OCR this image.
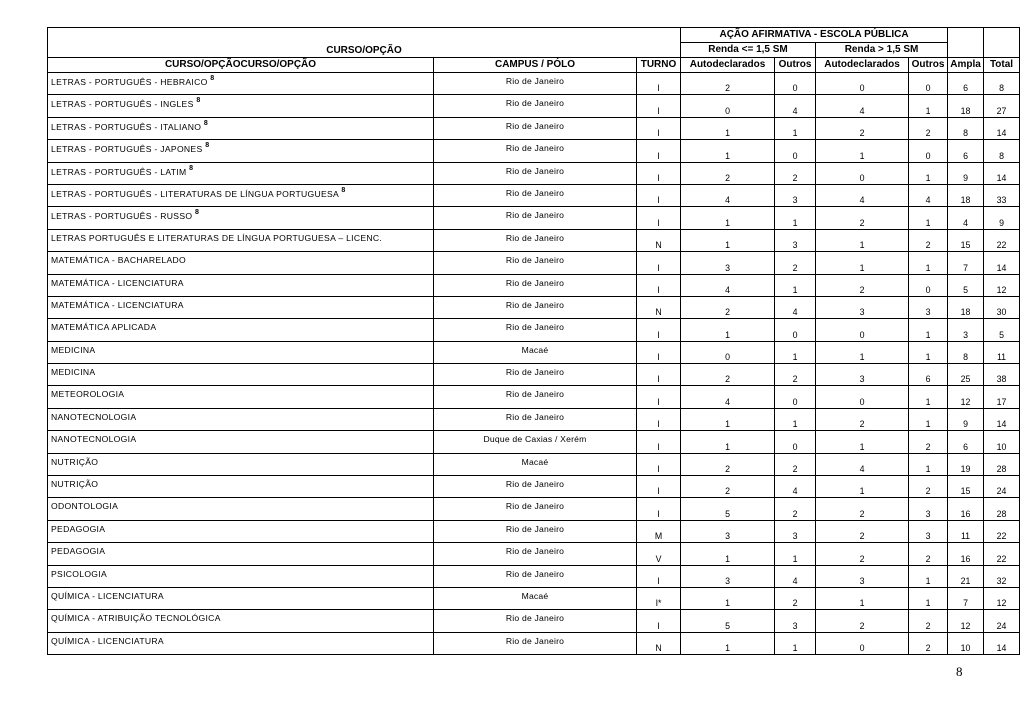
CURSO/OPÇÃO			AÇÃO AFIRMATIVA - ESCOLA PÚBLICA					
			Renda <= 1,5 SM		Renda > 1,5 SM			
CURSO/OPÇÃOCURSO/OPÇÃO	CAMPUS / PÓLO	TURNO	Autodeclarados	Outros	Autodeclarados	Outros	Ampla	Total
LETRAS - PORTUGUÊS - HEBRAICO $^8$	Rio de Janeiro	I	2	0	0	0	6	8
LETRAS - PORTUGUÊS - INGLES $^8$	Rio de Janeiro	I	0	4	4	1	18	27
LETRAS - PORTUGUÊS - ITALIANO $^8$	Rio de Janeiro	I	1	1	2	2	8	14
LETRAS - PORTUGUÊS - JAPONES $^8$	Rio de Janeiro	I	1	0	1	0	6	8
LETRAS - PORTUGUÊS - LATIM $^8$	Rio de Janeiro	I	2	2	0	1	9	14
LETRAS - PORTUGUÊS - LITERATURAS DE LÍNGUA PORTUGUESA $^8$	Rio de Janeiro	I	4	3	4	4	18	33
LETRAS - PORTUGUÊS - RUSSO $^8$	Rio de Janeiro	I	1	1	2	1	4	9
LETRAS PORTUGUÊS E LITERATURAS DE LÍNGUA PORTUGUESA – LICENC.	Rio de Janeiro	N	1	3	1	2	15	22
MATEMÁTICA - BACHARELADO	Rio de Janeiro	I	3	2	1	1	7	14
MATEMÁTICA - LICENCIATURA	Rio de Janeiro	I	4	1	2	0	5	12
MATEMÁTICA - LICENCIATURA	Rio de Janeiro	N	2	4	3	3	18	30
MATEMÁTICA APLICADA	Rio de Janeiro	I	1	0	0	1	3	5
MEDICINA	Macaé	I	0	1	1	1	8	11
MEDICINA	Rio de Janeiro	I	2	2	3	6	25	38
METEOROLOGIA	Rio de Janeiro	I	4	0	0	1	12	17
NANOTECNOLOGIA	Rio de Janeiro	I	1	1	2	1	9	14
NANOTECNOLOGIA	Duque de Caxias / Xerém	I	1	0	1	2	6	10
NUTRIÇÃO	Macaé	I	2	2	4	1	19	28
NUTRIÇÃO	Rio de Janeiro	I	2	4	1	2	15	24
ODONTOLOGIA	Rio de Janeiro	I	5	2	2	3	16	28
PEDAGOGIA	Rio de Janeiro	M	3	3	2	3	11	22
PEDAGOGIA	Rio de Janeiro	V	1	1	2	2	16	22
PSICOLOGIA	Rio de Janeiro	I	3	4	3	1	21	32
QUÍMICA - LICENCIATURA	Macaé	I*	1	2	1	1	7	12
QUÍMICA - ATRIBUIÇÃO TECNOLÓGICA	Rio de Janeiro	I	5	3	2	2	12	24
QUÍMICA - LICENCIATURA	Rio de Janeiro	N	1	1	0	2	10	14
8
